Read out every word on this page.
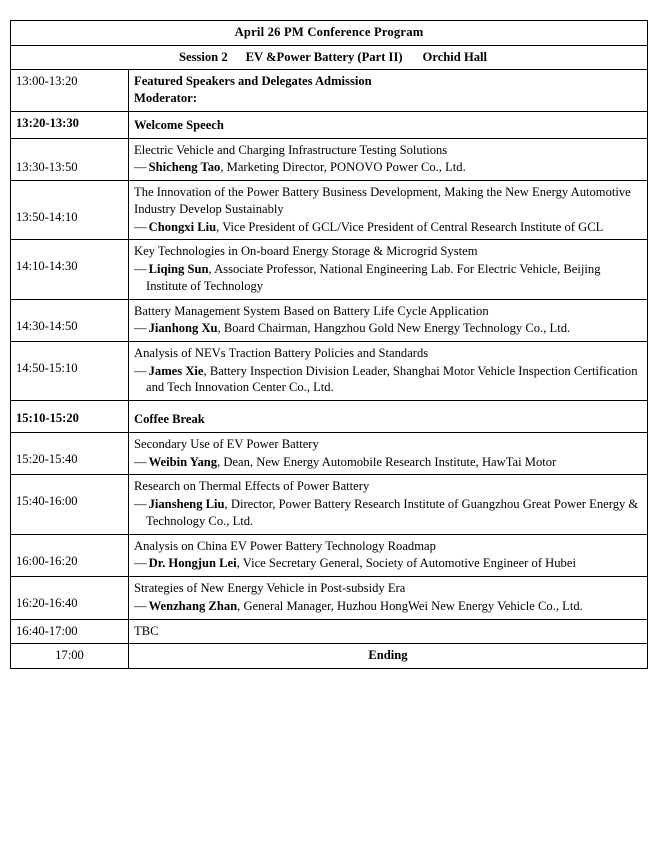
April 26 PM Conference Program	

Session 2 EV &Power Battery (Part II) Orchid Hall	

13:00-13:20	Featured Speakers and Delegates Admission
Moderator:

13:20-13:30	Welcome Speech

13:30-13:50	Electric Vehicle and Charging Infrastructure Testing Solutions
— Shicheng Tao, Marketing Director, PONOVO Power Co., Ltd.

13:50-14:10	The Innovation of the Power Battery Business Development, Making the New Energy Automotive Industry Develop Sustainably
— Chongxi Liu, Vice President of GCL/Vice President of Central Research Institute of GCL

14:10-14:30	Key Technologies in On-board Energy Storage & Microgrid System
— Liqing Sun, Associate Professor, National Engineering Lab. For Electric Vehicle, Beijing Institute of Technology

14:30-14:50	Battery Management System Based on Battery Life Cycle Application
— Jianhong Xu, Board Chairman, Hangzhou Gold New Energy Technology Co., Ltd.

14:50-15:10	Analysis of NEVs Traction Battery Policies and Standards
— James Xie, Battery Inspection Division Leader, Shanghai Motor Vehicle Inspection Certification and Tech Innovation Center Co., Ltd.

15:10-15:20	Coffee Break

15:20-15:40	Secondary Use of EV Power Battery
— Weibin Yang, Dean, New Energy Automobile Research Institute, HawTai Motor

15:40-16:00	Research on Thermal Effects of Power Battery
— Jiansheng Liu, Director, Power Battery Research Institute of Guangzhou Great Power Energy & Technology Co., Ltd.

16:00-16:20	Analysis on China EV Power Battery Technology Roadmap
— Dr. Hongjun Lei, Vice Secretary General, Society of Automotive Engineer of Hubei

16:20-16:40	Strategies of New Energy Vehicle in Post-subsidy Era
— Wenzhang Zhan, General Manager, Huzhou HongWei New Energy Vehicle Co., Ltd.

16:40-17:00	TBC

17:00	Ending
